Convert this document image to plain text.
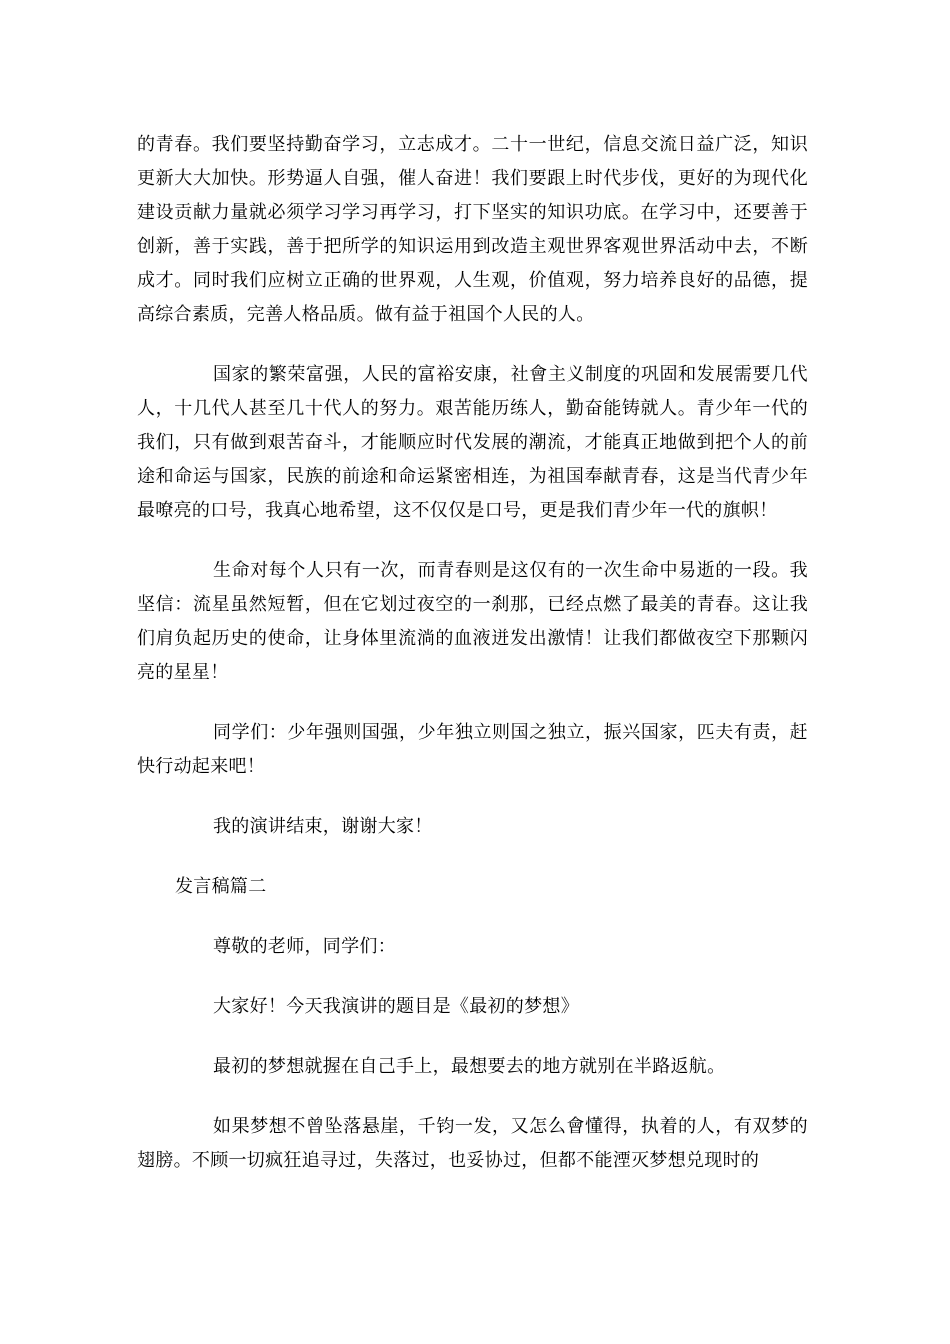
的青春。我们要坚持勤奋学习，立志成才。二十一世纪，信息交流日益广泛，知识更新大大加快。形势逼人自强，催人奋进！我们要跟上时代步伐，更好的为现代化建设贡献力量就必须学习学习再学习，打下坚实的知识功底。在学习中，还要善于创新，善于实践，善于把所学的知识运用到改造主观世界客观世界活动中去，不断成才。同时我们应树立正确的世界观，人生观，价值观，努力培养良好的品德，提高综合素质，完善人格品质。做有益于祖国个人民的人。

国家的繁荣富强，人民的富裕安康，社會主义制度的巩固和发展需要几代人，十几代人甚至几十代人的努力。艰苦能历练人，勤奋能铸就人。青少年一代的我们，只有做到艰苦奋斗，才能顺应时代发展的潮流，才能真正地做到把个人的前途和命运与国家，民族的前途和命运紧密相连，为祖国奉献青春，这是当代青少年最嘹亮的口号，我真心地希望，这不仅仅是口号，更是我们青少年一代的旗帜！

生命对每个人只有一次，而青春则是这仅有的一次生命中易逝的一段。我坚信：流星虽然短暂，但在它划过夜空的一刹那，已经点燃了最美的青春。这让我们肩负起历史的使命，让身体里流淌的血液迸发出激情！让我们都做夜空下那颗闪亮的星星！

同学们：少年强则国强，少年独立则国之独立，振兴国家，匹夫有责，赶快行动起来吧！

我的演讲结束，谢谢大家！

发言稿篇二

尊敬的老师，同学们：

大家好！今天我演讲的题目是《最初的梦想》

最初的梦想就握在自己手上，最想要去的地方就别在半路返航。

如果梦想不曾坠落悬崖，千钧一发，又怎么會懂得，执着的人，有双梦的翅膀。不顾一切疯狂追寻过，失落过，也妥协过，但都不能湮灭梦想兑现时的
